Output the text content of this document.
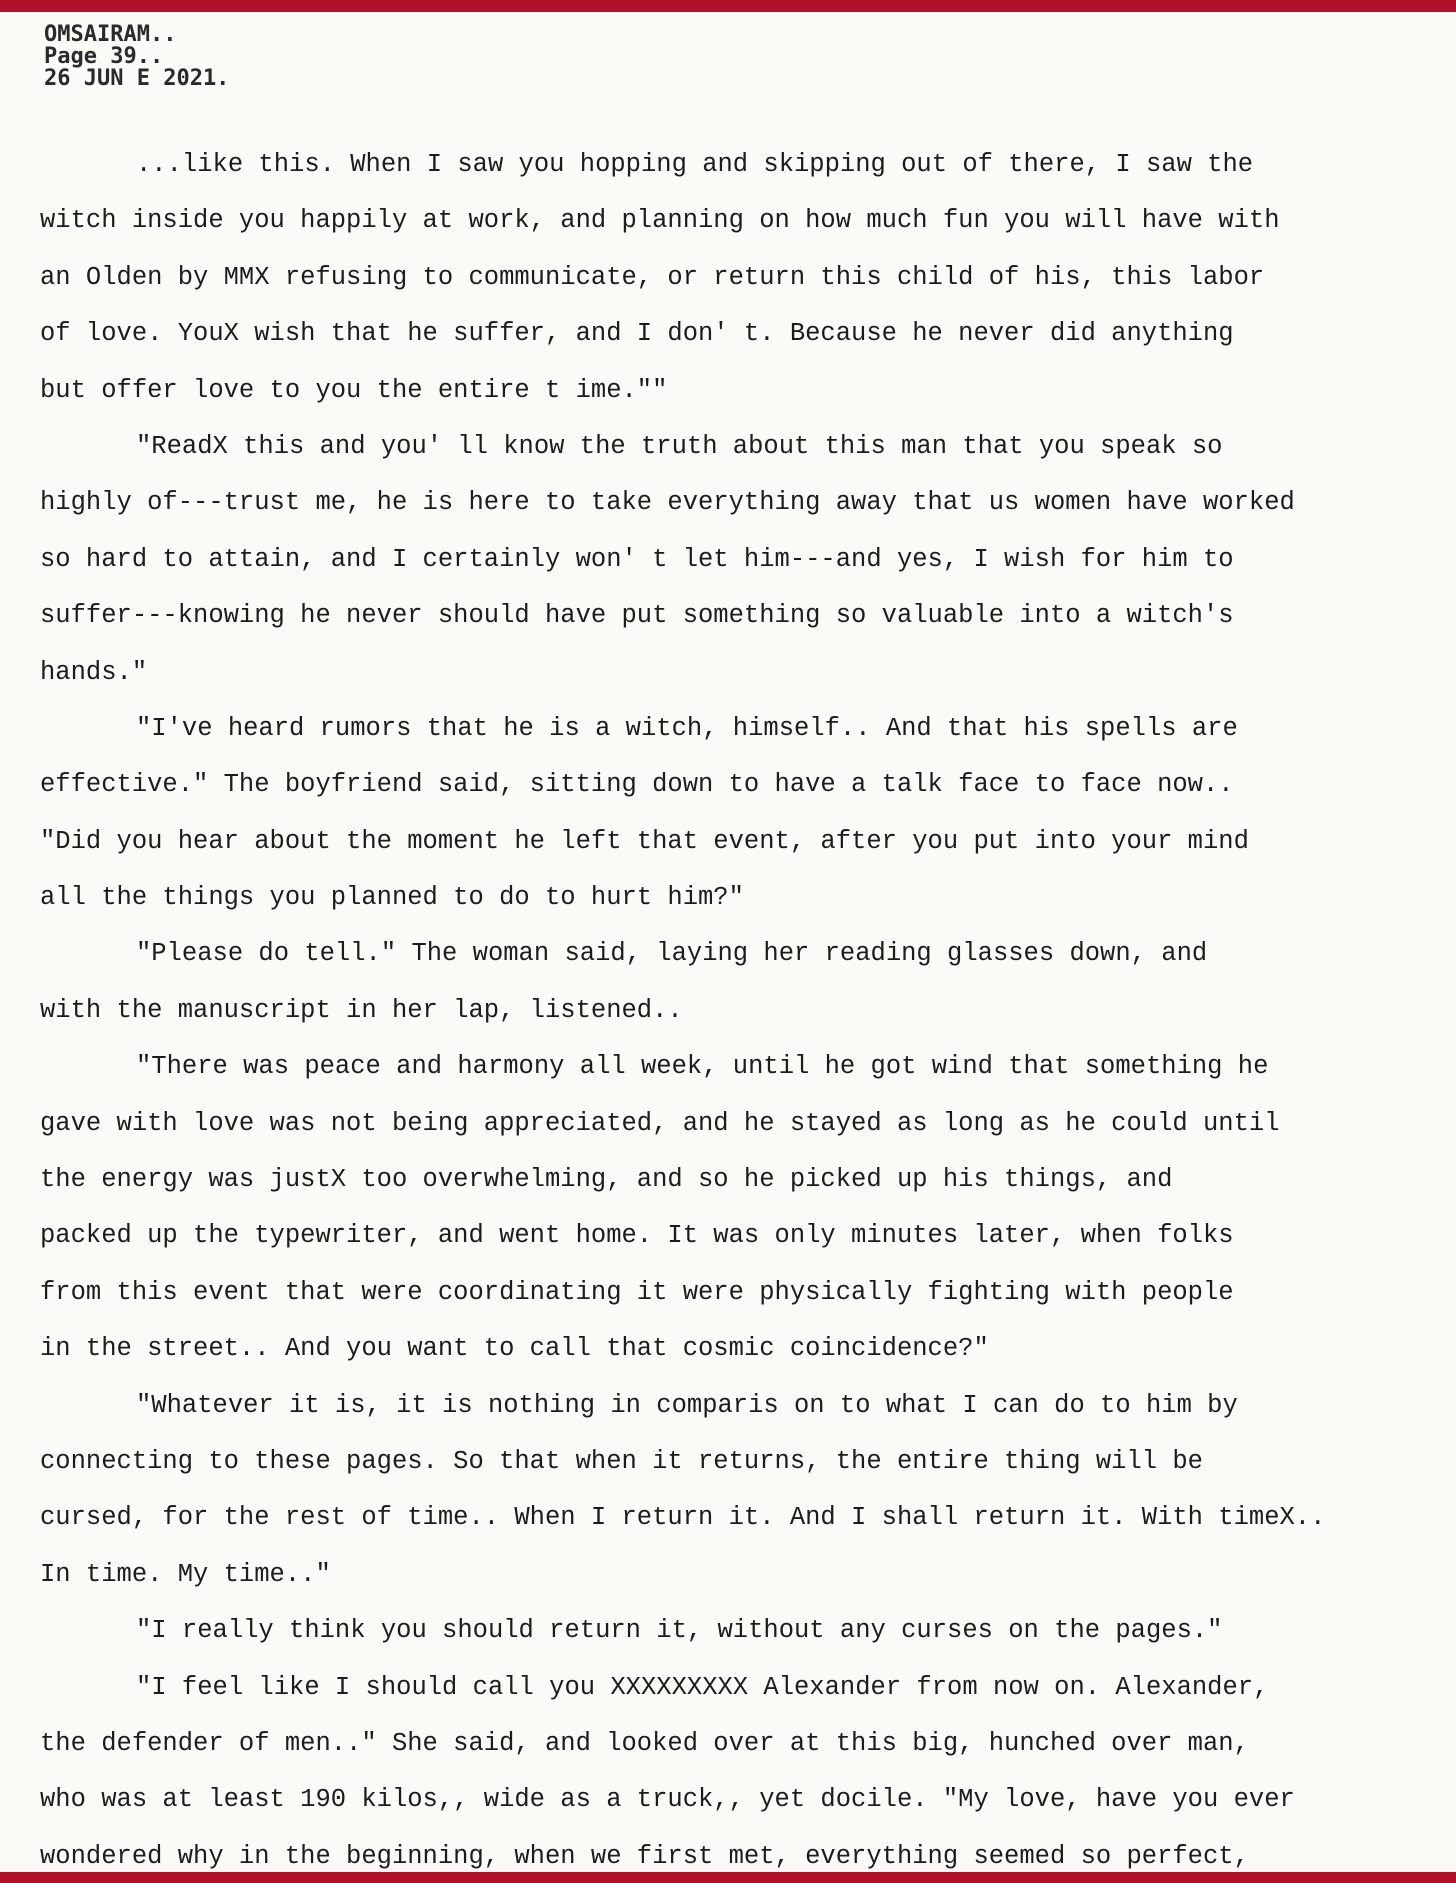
OMSAIRAM..
Page 39..
26 JUN E 2021.
...like this. When I saw you hopping and skipping out of there, I saw the
witch inside you happily at work, and planning on how much fun you will have with
an Olden by MMX refusing to communicate, or return this child of his, this labor
of love. YouX wish that he suffer, and I don' t. Because he never did anything
but offer love to you the entire t ime.""
"ReadX this and you' ll know the truth about this man that you speak so
highly of---trust me, he is here to take everything away that us women have worked
so hard to attain, and I certainly won' t let him---and yes, I wish for him to
suffer---knowing he never should have put something so valuable into a witch's
hands."
"I've heard rumors that he is a witch, himself.. And that his spells are
effective." The boyfriend said, sitting down to have a talk face to face now..
"Did you hear about the moment he left that event, after you put into your mind
all the things you planned to do to hurt him?"
"Please do tell." The woman said, laying her reading glasses down, and
with the manuscript in her lap, listened..
"There was peace and harmony all week, until he got wind that something he
gave with love was not being appreciated, and he stayed as long as he could until
the energy was justX too overwhelming, and so he picked up his things, and
packed up the typewriter, and went home. It was only minutes later, when folks
from this event that were coordinating it were physically fighting with people
in the street.. And you want to call that cosmic coincidence?"
"Whatever it is, it is nothing in comparis on to what I can do to him by
connecting to these pages. So that when it returns, the entire thing will be
cursed, for the rest of time.. When I return it. And I shall return it. With timeX..
In time. My time.."
"I really think you should return it, without any curses on the pages."
"I feel like I should call you XXXXXXXXX Alexander from now on. Alexander,
the defender of men.." She said, and looked over at this big, hunched over man,
who was at least 190 kilos,, wide as a truck,, yet docile. "My love, have you ever
wondered why in the beginning, when we first met, everything seemed so perfect,
